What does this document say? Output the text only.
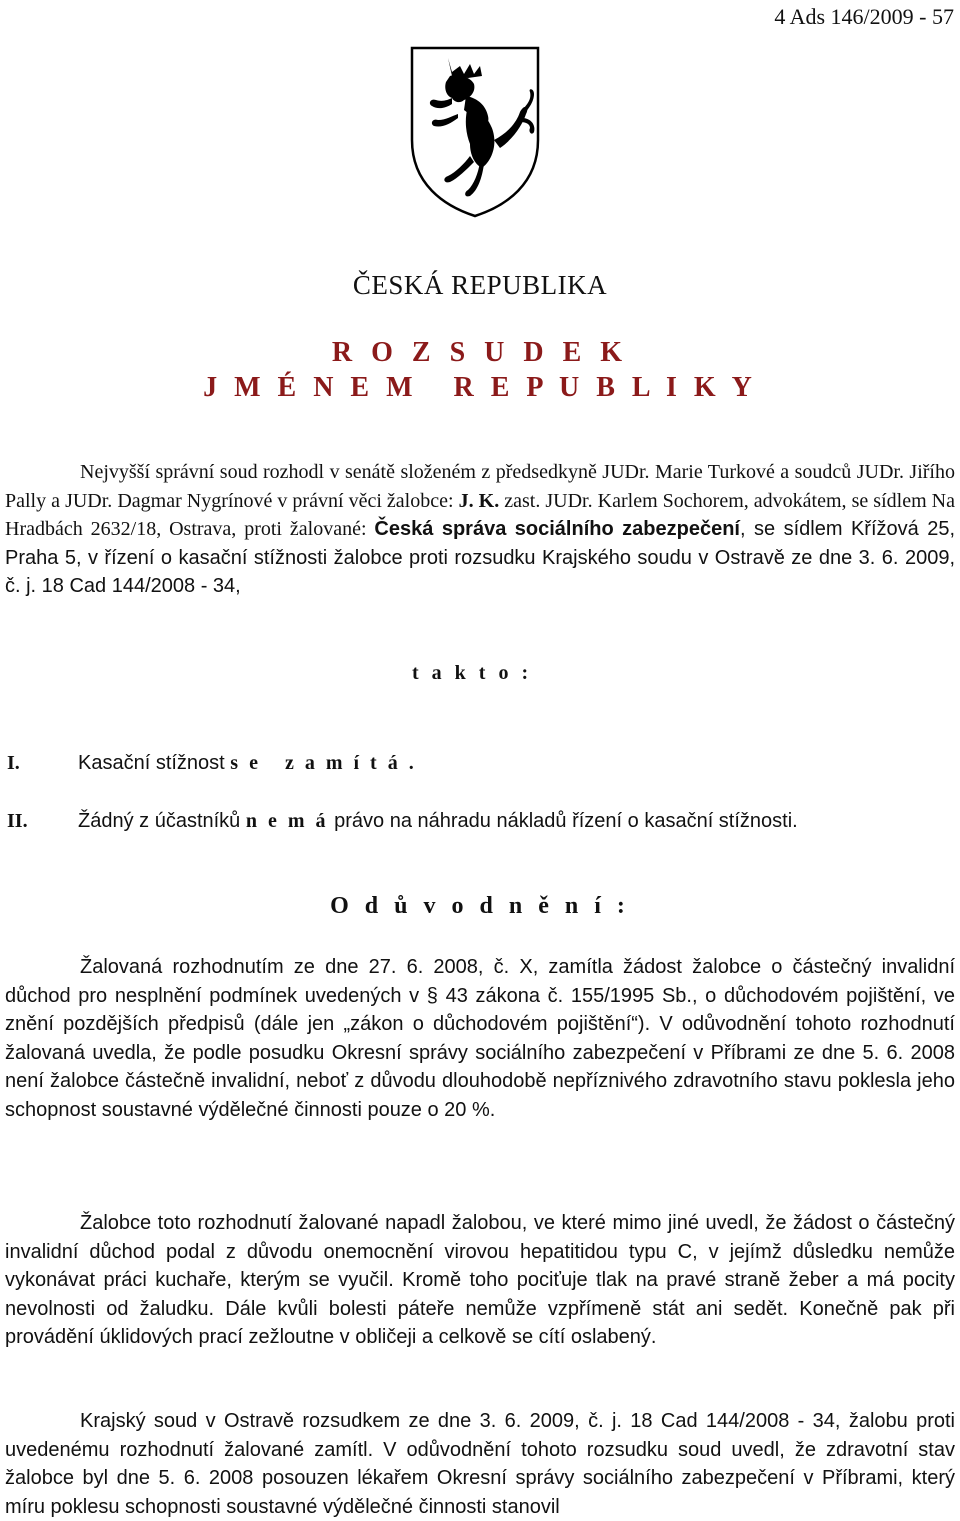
4 Ads 146/2009 - 57
ČESKÁ REPUBLIKA
R O Z S U D E K
J M É N E M   R E P U B L I K Y

Nejvyšší správní soud rozhodl v senátě složeném z předsedkyně JUDr. Marie Turkové a soudců JUDr. Jiřího Pally a JUDr. Dagmar Nygrínové v právní věci žalobce: J. K. zast. JUDr. Karlem Sochorem, advokátem, se sídlem Na Hradbách 2632/18, Ostrava, proti žalované: Česká správa sociálního zabezpečení, se sídlem Křížová 25, Praha 5, v řízení o kasační stížnosti žalobce proti rozsudku Krajského soudu v Ostravě ze dne 3. 6. 2009, č. j. 18 Cad 144/2008 - 34,

t a k t o :
I.	Kasační stížnost s e   z a m í t á .
II.	Žádný z účastníků n e m á právo na náhradu nákladů řízení o kasační stížnosti.
O d ů v o d n ě n í :

Žalovaná rozhodnutím ze dne 27. 6. 2008, č. X, zamítla žádost žalobce o částečný invalidní důchod pro nesplnění podmínek uvedených v § 43 zákona č. 155/1995 Sb., o důchodovém pojištění, ve znění pozdějších předpisů (dále jen „zákon o důchodovém pojištění“). V odůvodnění tohoto rozhodnutí žalovaná uvedla, že podle posudku Okresní správy sociálního zabezpečení v Příbrami ze dne 5. 6. 2008 není žalobce částečně invalidní, neboť z důvodu dlouhodobě nepříznivého zdravotního stavu poklesla jeho schopnost soustavné výdělečné činnosti pouze o 20 %.

Žalobce toto rozhodnutí žalované napadl žalobou, ve které mimo jiné uvedl, že žádost o částečný invalidní důchod podal z důvodu onemocnění virovou hepatitidou typu C, v jejímž důsledku nemůže vykonávat práci kuchaře, kterým se vyučil. Kromě toho pociťuje tlak na pravé straně žeber a má pocity nevolnosti od žaludku. Dále kvůli bolesti páteře nemůže vzpřímeně stát ani sedět. Konečně pak při provádění úklidových prací zežloutne v obličeji a celkově se cítí oslabený.

Krajský soud v Ostravě rozsudkem ze dne 3. 6. 2009, č. j. 18 Cad 144/2008 - 34, žalobu proti uvedenému rozhodnutí žalované zamítl. V odůvodnění tohoto rozsudku soud uvedl, že zdravotní stav žalobce byl dne 5. 6. 2008 posouzen lékařem Okresní správy sociálního zabezpečení v Příbrami, který míru poklesu schopnosti soustavné výdělečné činnosti stanovil
